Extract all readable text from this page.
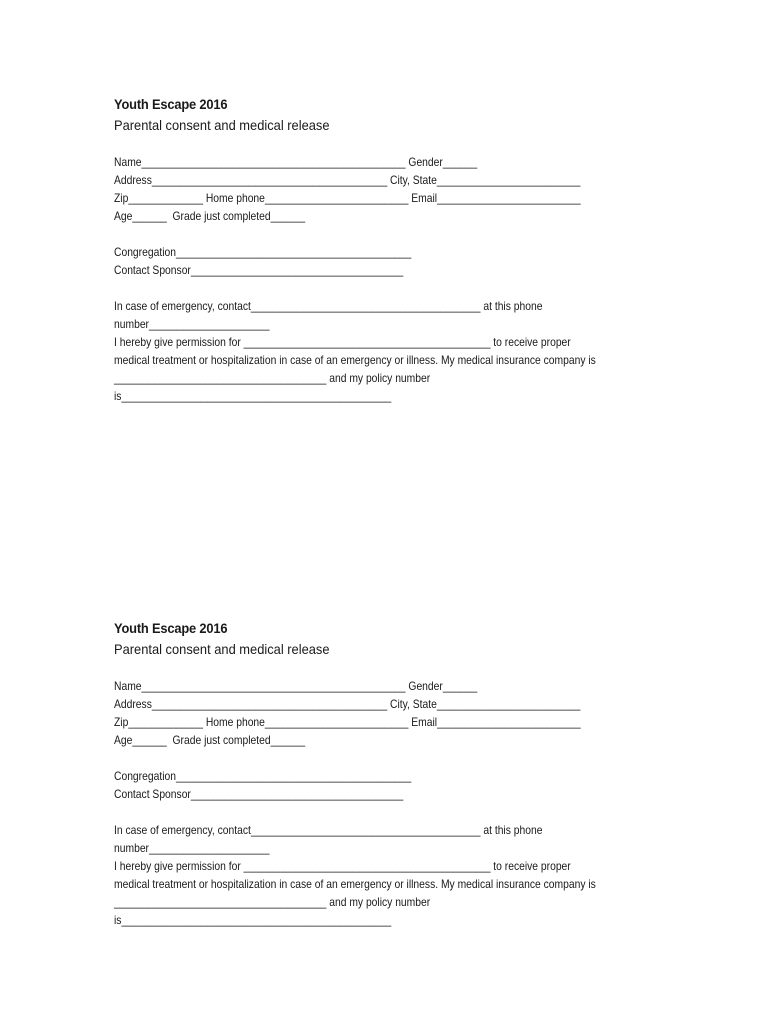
Youth Escape 2016
Parental consent and medical release
Name______________________________________________ Gender______
Address_________________________________________ City, State_________________________
Zip_____________ Home phone_________________________ Email_________________________
Age______  Grade just completed______
Congregation_________________________________________
Contact Sponsor_____________________________________
In case of emergency, contact________________________________________ at this phone
number_____________________
I hereby give permission for ___________________________________________ to receive proper
medical treatment or hospitalization in case of an emergency or illness. My medical insurance company is
_____________________________________ and my policy number
is_______________________________________________
Youth Escape 2016
Parental consent and medical release
Name______________________________________________ Gender______
Address_________________________________________ City, State_________________________
Zip_____________ Home phone_________________________ Email_________________________
Age______  Grade just completed______
Congregation_________________________________________
Contact Sponsor_____________________________________
In case of emergency, contact________________________________________ at this phone
number_____________________
I hereby give permission for ___________________________________________ to receive proper
medical treatment or hospitalization in case of an emergency or illness. My medical insurance company is
_____________________________________ and my policy number
is_______________________________________________
